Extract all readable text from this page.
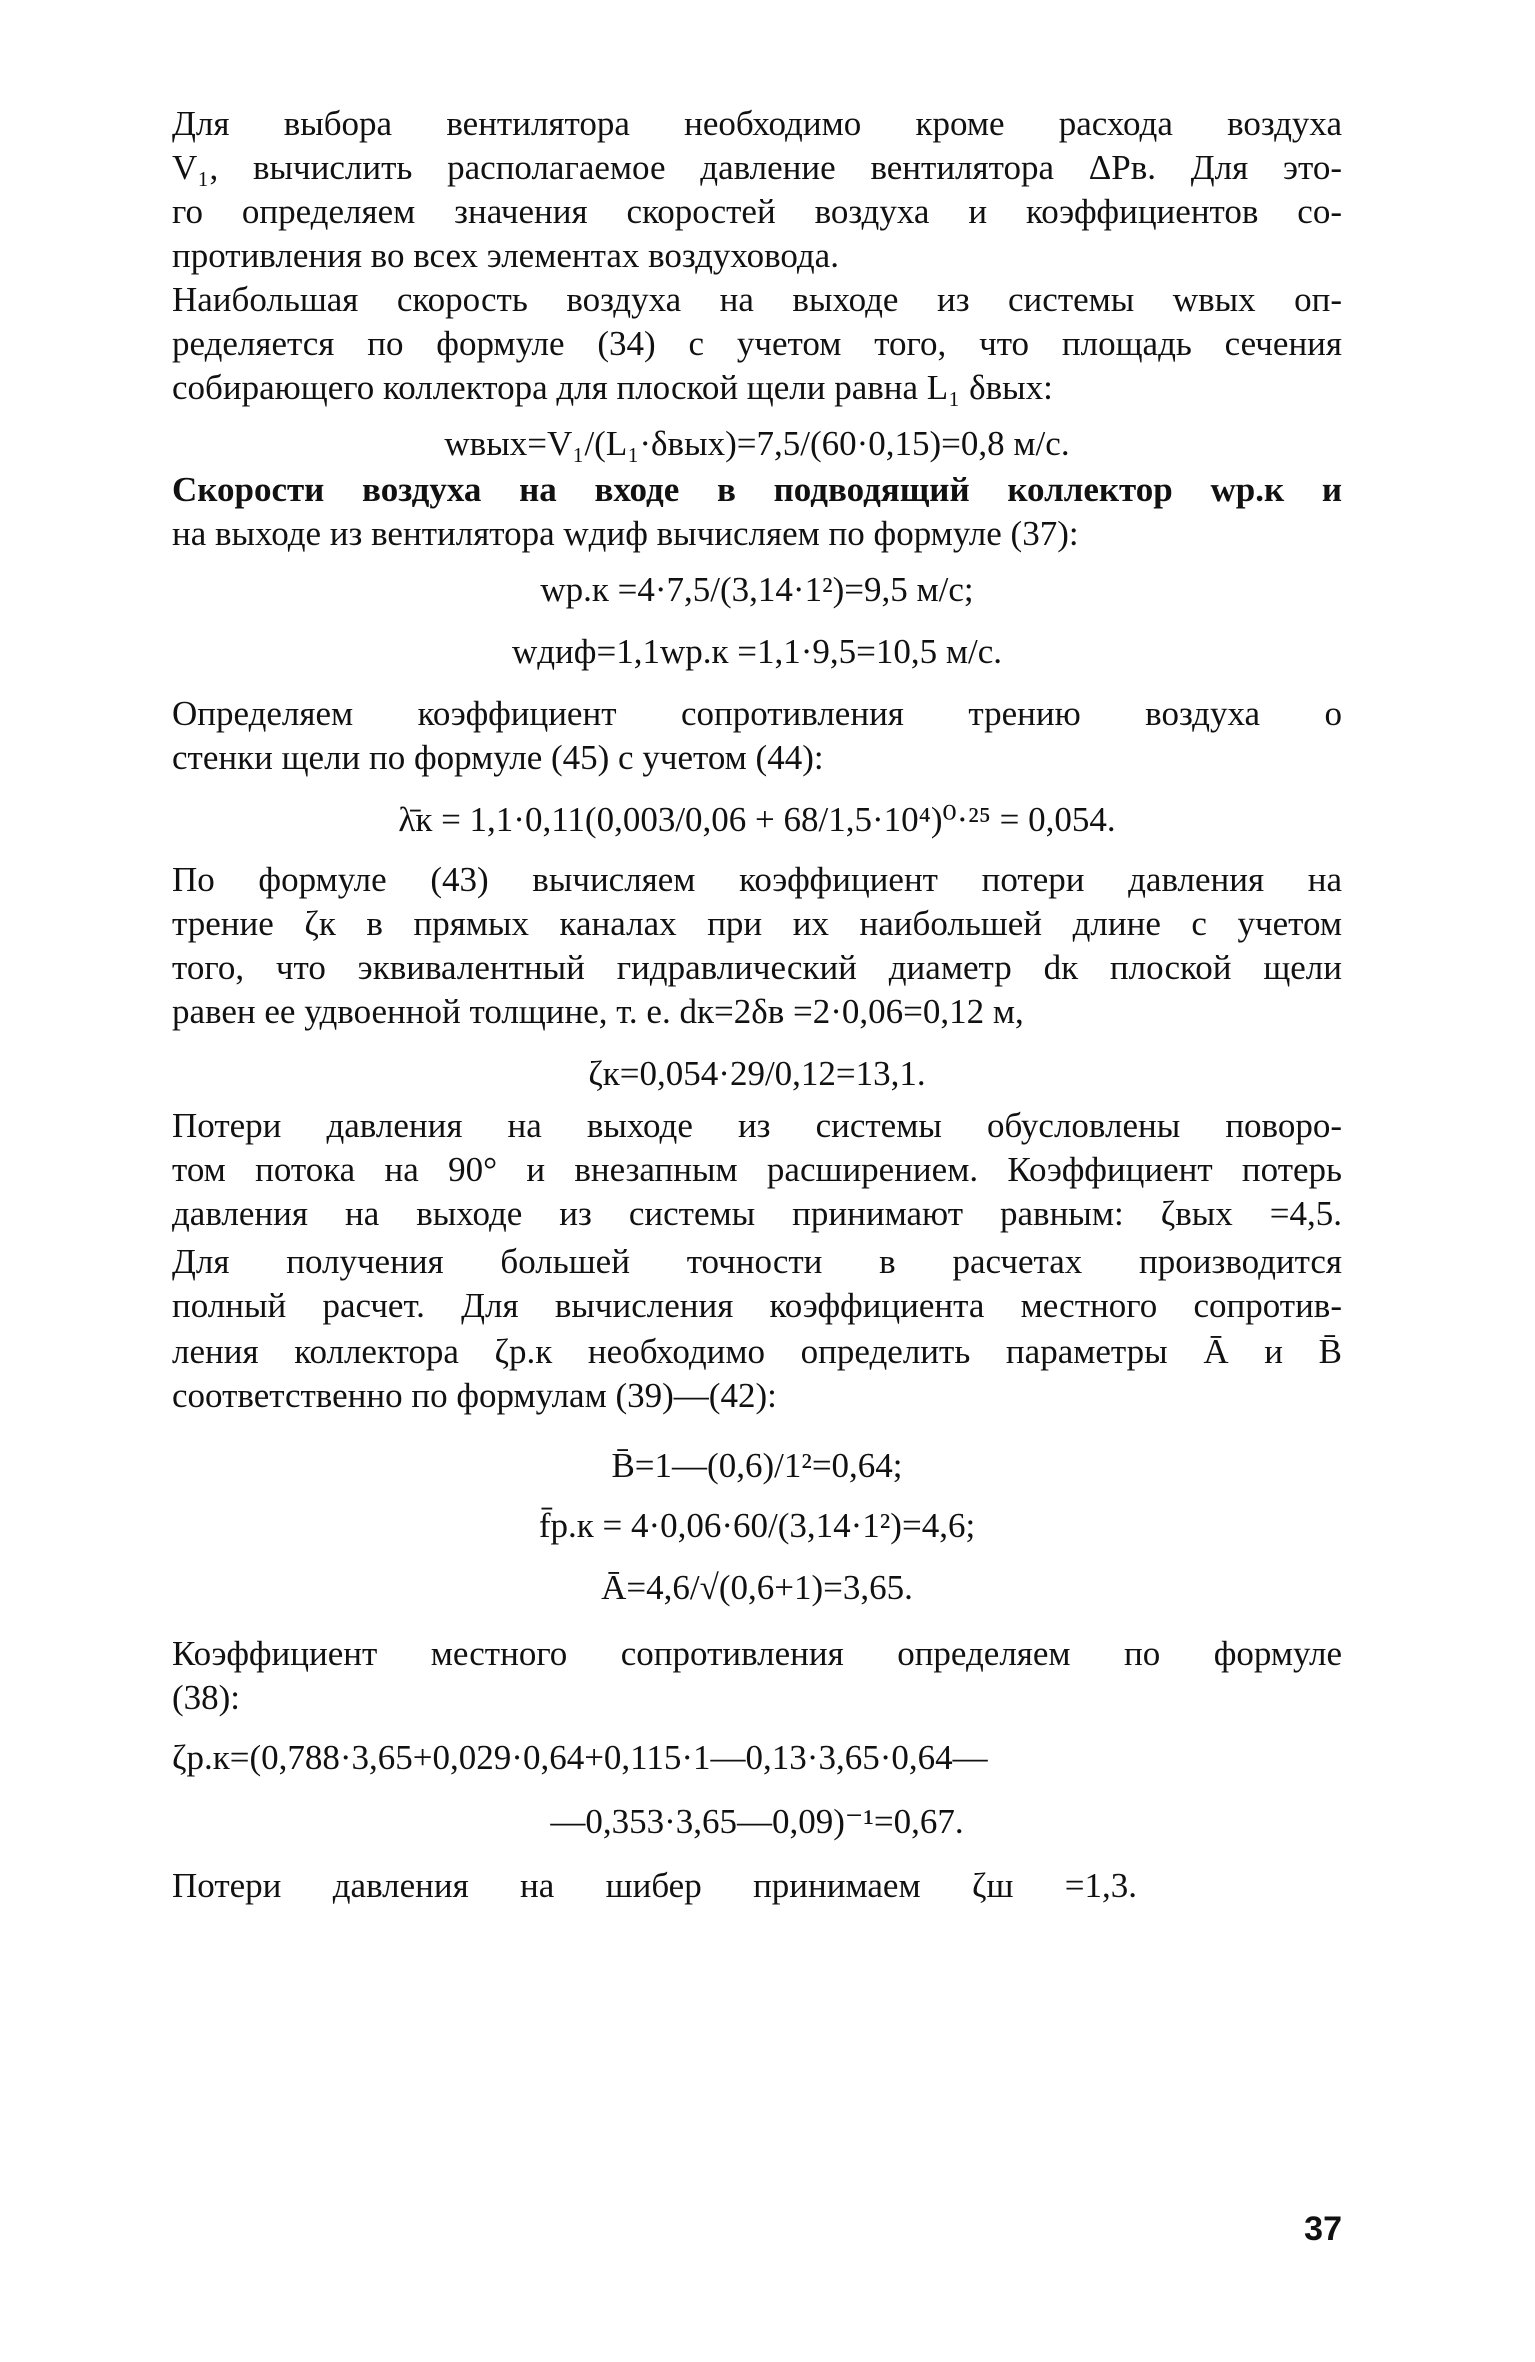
Для выбора вентилятора необходимо кроме расхода воздуха
V₁, вычислить располагаемое давление вентилятора ΔPв. Для это-
го определяем значения скоростей воздуха и коэффициентов со-
противления во всех элементах воздуховода.
Наибольшая скорость воздуха на выходе из системы wвых оп-
ределяется по формуле (34) с учетом того, что площадь сечения
собирающего коллектора для плоской щели равна L₁ δвых:
wвых=V₁/(L₁·δвых)=7,5/(60·0,15)=0,8 м/с.
Скорости воздуха на входе в подводящий коллектор wр.к и
на выходе из вентилятора wдиф вычисляем по формуле (37):
wр.к =4·7,5/(3,14·1²)=9,5 м/с;
wдиф=1,1wр.к =1,1·9,5=10,5 м/с.
Определяем коэффициент сопротивления трению воздуха о
стенки щели по формуле (45) с учетом (44):
λ̄к = 1,1·0,11(0,003/0,06 + 68/1,5·10⁴)⁰·²⁵ = 0,054.
По формуле (43) вычисляем коэффициент потери давления на
трение ζк в прямых каналах при их наибольшей длине с учетом
того, что эквивалентный гидравлический диаметр dк плоской щели
равен ее удвоенной толщине, т. е. dк=2δв =2·0,06=0,12 м,
ζк=0,054·29/0,12=13,1.
Потери давления на выходе из системы обусловлены поворо-
том потока на 90° и внезапным расширением. Коэффициент потерь
давления на выходе из системы принимают равным: ζвых =4,5.
Для получения большей точности в расчетах производится
полный расчет. Для вычисления коэффициента местного сопротив-
ления коллектора ζр.к необходимо определить параметры Ā и B̄
соответственно по формулам (39)—(42):
B̄=1—(0,6)/1²=0,64;
f̄р.к = 4·0,06·60/(3,14·1²)=4,6;
Ā=4,6/√(0,6+1)=3,65.
Коэффициент местного сопротивления определяем по формуле
(38):
ζр.к=(0,788·3,65+0,029·0,64+0,115·1—0,13·3,65·0,64—
—0,353·3,65—0,09)⁻¹=0,67.
Потери давления на шибер принимаем ζш =1,3.
37
